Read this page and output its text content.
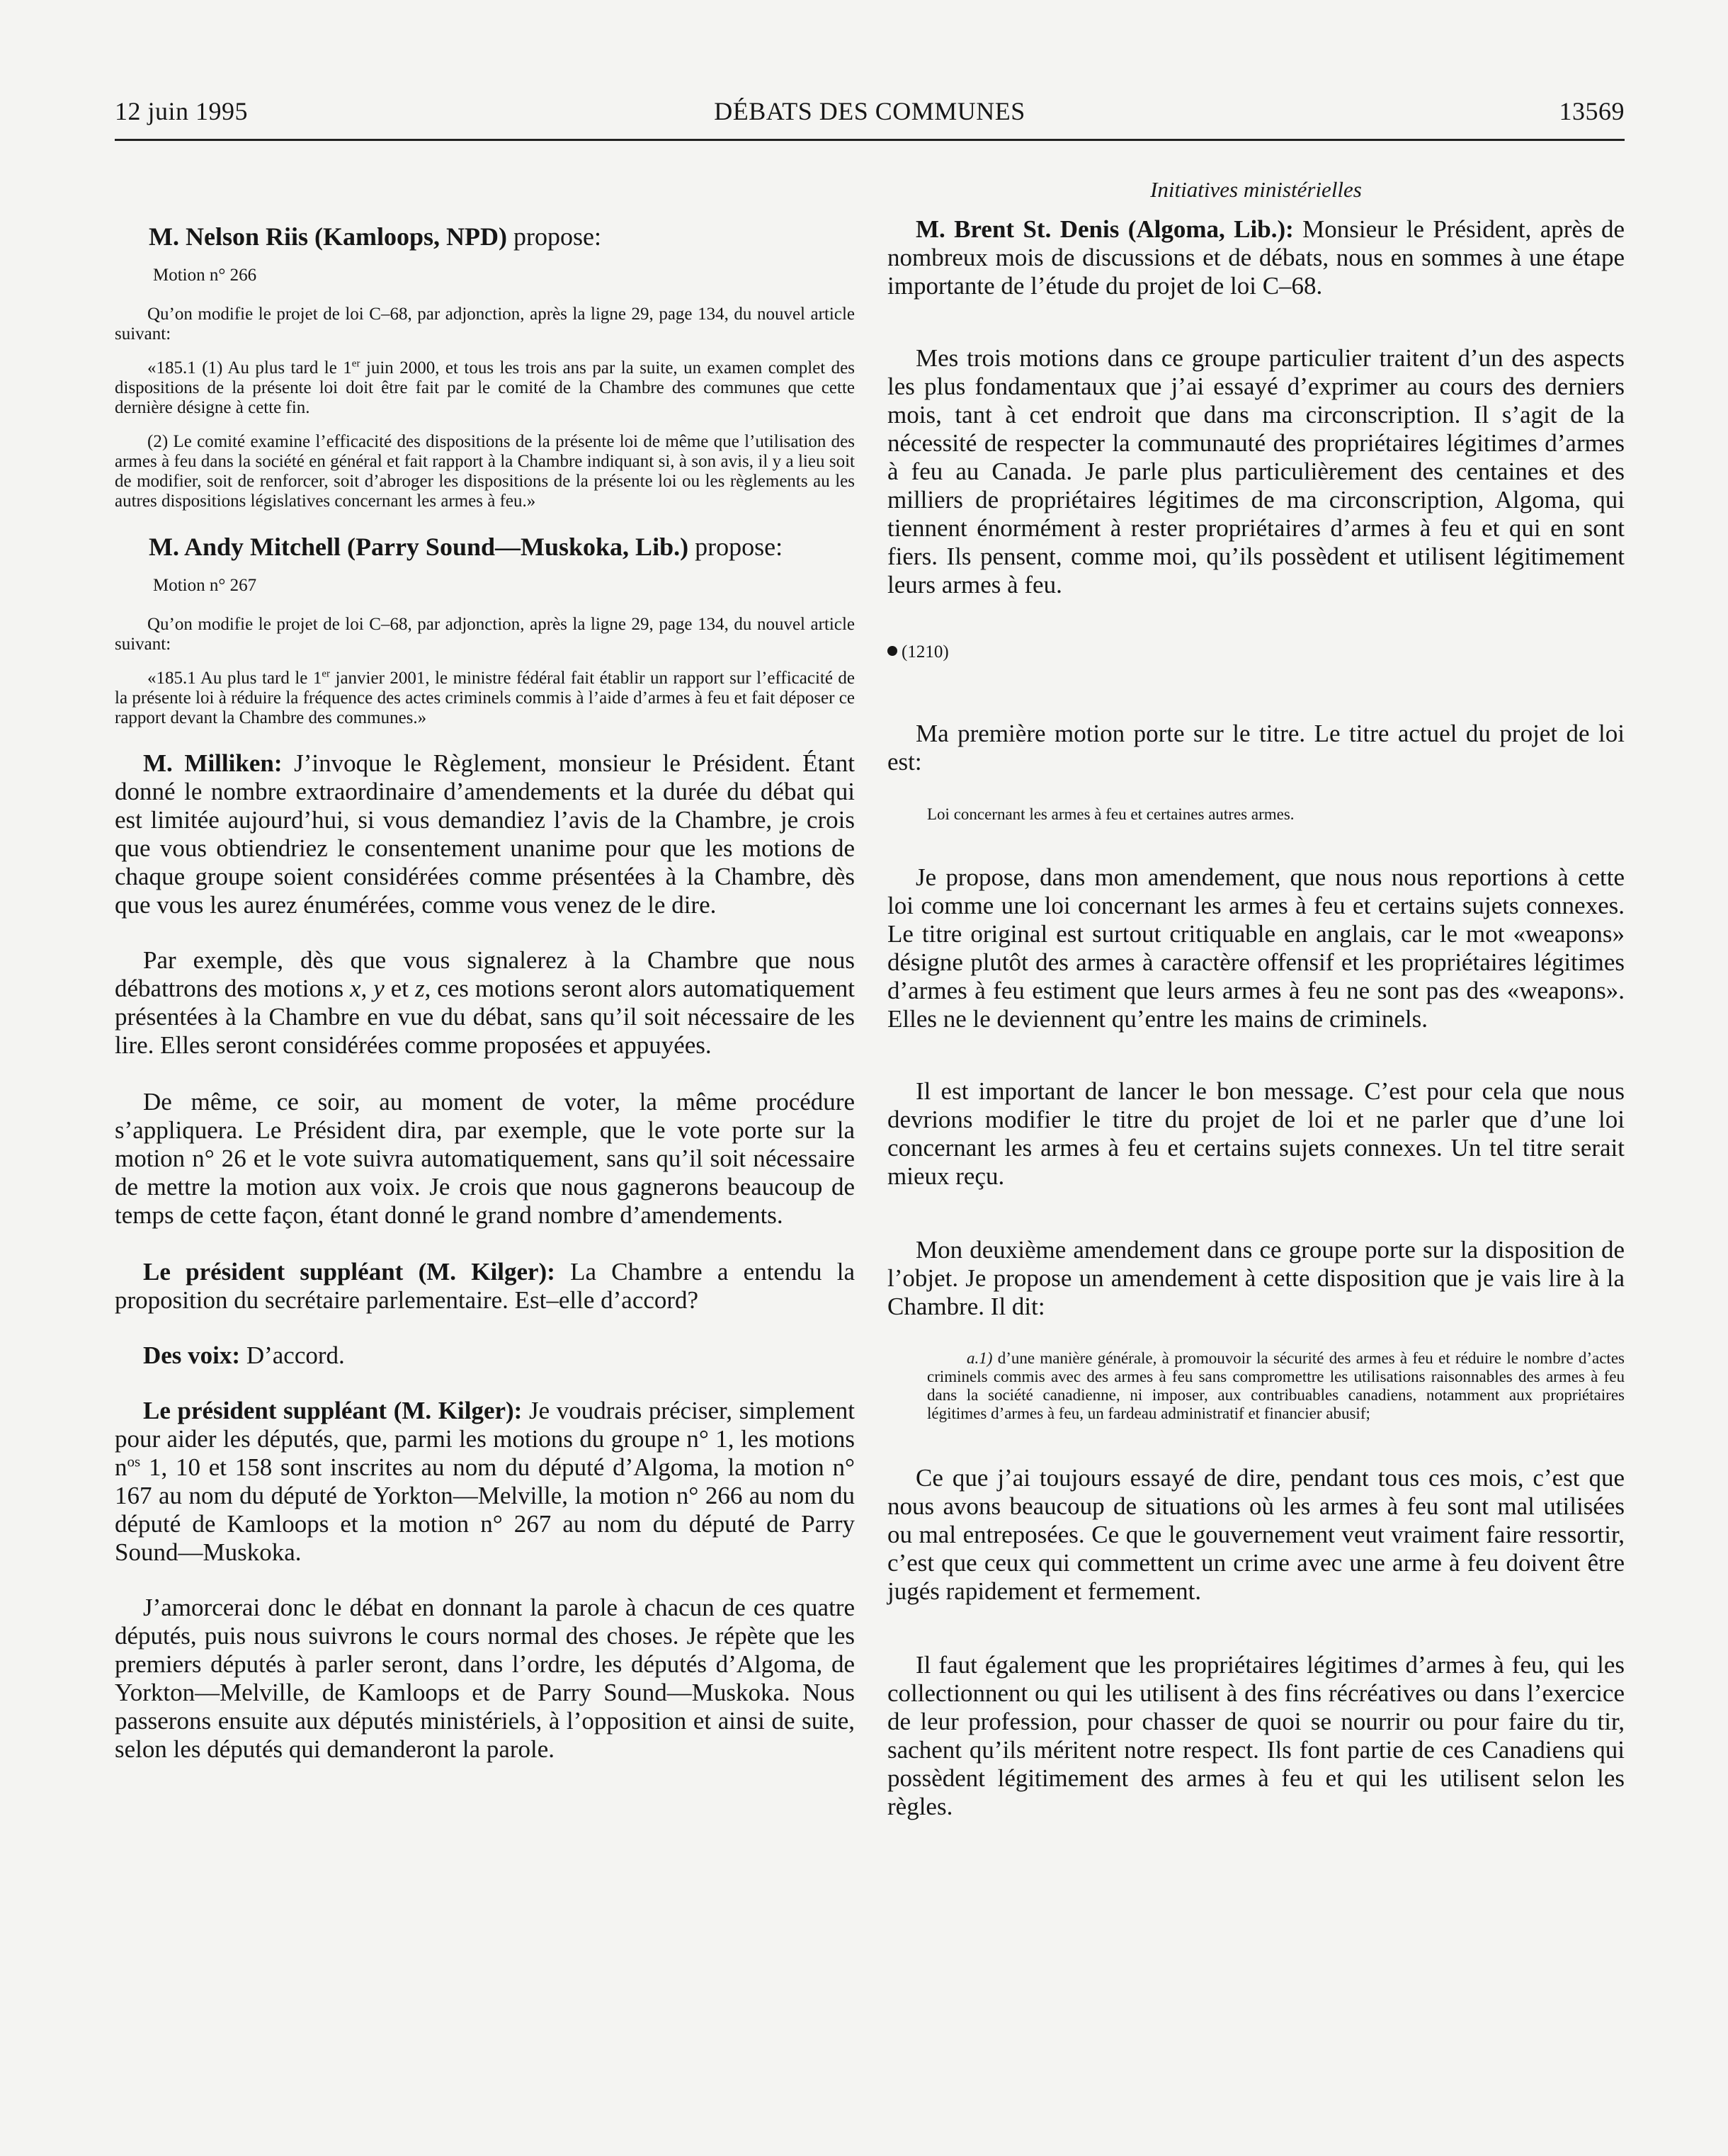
DÉBATS DES COMMUNES
12 juin 1995	13569

M. Nelson Riis (Kamloops, NPD) propose:

Motion n° 266

Qu’on modifie le projet de loi C–68, par adjonction, après la ligne 29, page 134, du nouvel article suivant:

«185.1 (1) Au plus tard le 1er juin 2000, et tous les trois ans par la suite, un examen complet des dispositions de la présente loi doit être fait par le comité de la Chambre des communes que cette dernière désigne à cette fin.

(2) Le comité examine l’efficacité des dispositions de la présente loi de même que l’utilisation des armes à feu dans la société en général et fait rapport à la Chambre indiquant si, à son avis, il y a lieu soit de modifier, soit de renforcer, soit d’abroger les dispositions de la présente loi ou les règlements au les autres dispositions législatives concernant les armes à feu.»

M. Andy Mitchell (Parry Sound—Muskoka, Lib.) propose:

Motion n° 267

Qu’on modifie le projet de loi C–68, par adjonction, après la ligne 29, page 134, du nouvel article suivant:

«185.1 Au plus tard le 1er janvier 2001, le ministre fédéral fait établir un rapport sur l’efficacité de la présente loi à réduire la fréquence des actes criminels commis à l’aide d’armes à feu et fait déposer ce rapport devant la Chambre des communes.»

M. Milliken: J’invoque le Règlement, monsieur le Président. Étant donné le nombre extraordinaire d’amendements et la durée du débat qui est limitée aujourd’hui, si vous demandiez l’avis de la Chambre, je crois que vous obtiendriez le consentement unanime pour que les motions de chaque groupe soient considérées comme présentées à la Chambre, dès que vous les aurez énumérées, comme vous venez de le dire.

Par exemple, dès que vous signalerez à la Chambre que nous débattrons des motions x, y et z, ces motions seront alors automatiquement présentées à la Chambre en vue du débat, sans qu’il soit nécessaire de les lire. Elles seront considérées comme proposées et appuyées.

De même, ce soir, au moment de voter, la même procédure s’appliquera. Le Président dira, par exemple, que le vote porte sur la motion n° 26 et le vote suivra automatiquement, sans qu’il soit nécessaire de mettre la motion aux voix. Je crois que nous gagnerons beaucoup de temps de cette façon, étant donné le grand nombre d’amendements.

Le président suppléant (M. Kilger): La Chambre a entendu la proposition du secrétaire parlementaire. Est–elle d’accord?

Des voix: D’accord.

Le président suppléant (M. Kilger): Je voudrais préciser, simplement pour aider les députés, que, parmi les motions du groupe n° 1, les motions $n^{os}$ 1, 10 et 158 sont inscrites au nom du député d’Algoma, la motion n° 167 au nom du député de Yorkton—Melville, la motion n° 266 au nom du député de Kamloops et la motion n° 267 au nom du député de Parry Sound—Muskoka.

J’amorcerai donc le débat en donnant la parole à chacun de ces quatre députés, puis nous suivrons le cours normal des choses. Je répète que les premiers députés à parler seront, dans l’ordre, les députés d’Algoma, de Yorkton—Melville, de Kamloops et de Parry Sound—Muskoka. Nous passerons ensuite aux députés ministériels, à l’opposition et ainsi de suite, selon les députés qui demanderont la parole.

Initiatives ministérielles

M. Brent St. Denis (Algoma, Lib.): Monsieur le Président, après de nombreux mois de discussions et de débats, nous en sommes à une étape importante de l’étude du projet de loi C–68.

Mes trois motions dans ce groupe particulier traitent d’un des aspects les plus fondamentaux que j’ai essayé d’exprimer au cours des derniers mois, tant à cet endroit que dans ma circonscription. Il s’agit de la nécessité de respecter la communauté des propriétaires légitimes d’armes à feu au Canada. Je parle plus particulièrement des centaines et des milliers de propriétaires légitimes de ma circonscription, Algoma, qui tiennent énormément à rester propriétaires d’armes à feu et qui en sont fiers. Ils pensent, comme moi, qu’ils possèdent et utilisent légitimement leurs armes à feu.

(1210)

Ma première motion porte sur le titre. Le titre actuel du projet de loi est:

Loi concernant les armes à feu et certaines autres armes.

Je propose, dans mon amendement, que nous nous reportions à cette loi comme une loi concernant les armes à feu et certains sujets connexes. Le titre original est surtout critiquable en anglais, car le mot «weapons» désigne plutôt des armes à caractère offensif et les propriétaires légitimes d’armes à feu estiment que leurs armes à feu ne sont pas des «weapons». Elles ne le deviennent qu’entre les mains de criminels.

Il est important de lancer le bon message. C’est pour cela que nous devrions modifier le titre du projet de loi et ne parler que d’une loi concernant les armes à feu et certains sujets connexes. Un tel titre serait mieux reçu.

Mon deuxième amendement dans ce groupe porte sur la disposition de l’objet. Je propose un amendement à cette disposition que je vais lire à la Chambre. Il dit:

a.1) d’une manière générale, à promouvoir la sécurité des armes à feu et réduire le nombre d’actes criminels commis avec des armes à feu sans compromettre les utilisations raisonnables des armes à feu dans la société canadienne, ni imposer, aux contribuables canadiens, notamment aux propriétaires légitimes d’armes à feu, un fardeau administratif et financier abusif;

Ce que j’ai toujours essayé de dire, pendant tous ces mois, c’est que nous avons beaucoup de situations où les armes à feu sont mal utilisées ou mal entreposées. Ce que le gouvernement veut vraiment faire ressortir, c’est que ceux qui commettent un crime avec une arme à feu doivent être jugés rapidement et fermement.

Il faut également que les propriétaires légitimes d’armes à feu, qui les collectionnent ou qui les utilisent à des fins récréatives ou dans l’exercice de leur profession, pour chasser de quoi se nourrir ou pour faire du tir, sachent qu’ils méritent notre respect. Ils font partie de ces Canadiens qui possèdent légitimement des armes à feu et qui les utilisent selon les règles.
